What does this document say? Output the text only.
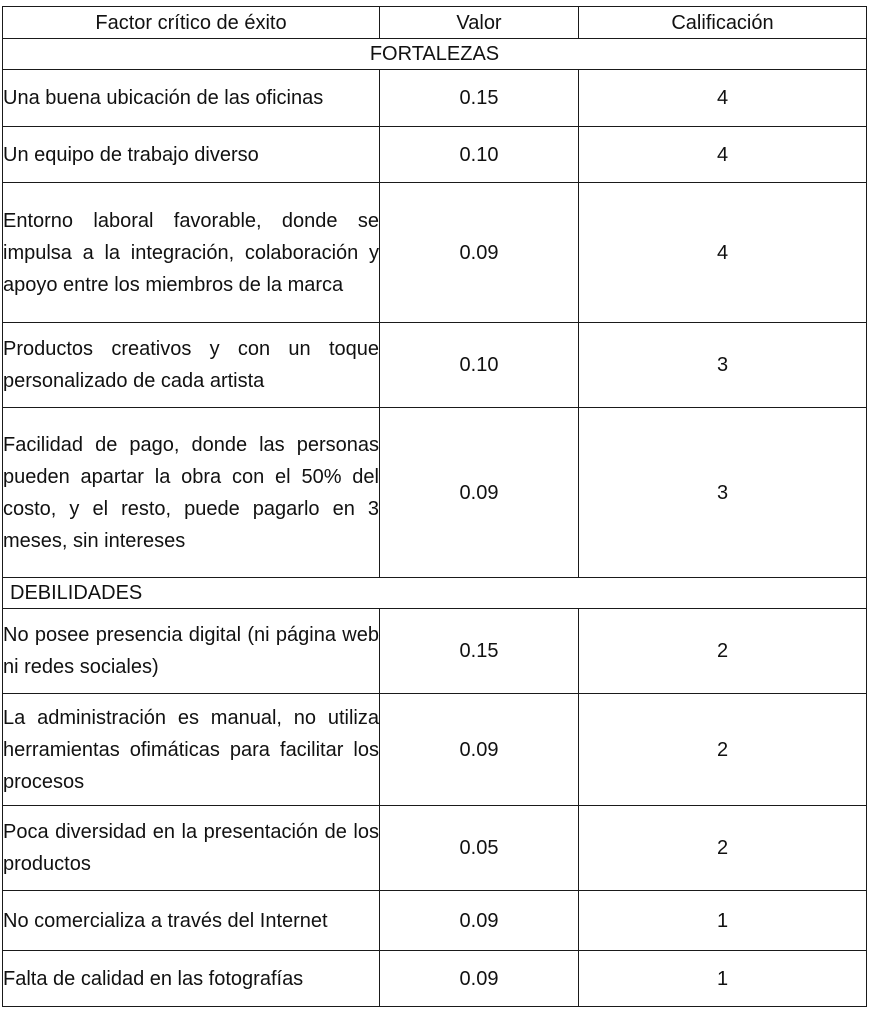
Factor crítico de éxito	Valor	Calificación
FORTALEZAS		
Una buena ubicación de las oficinas	0.15	4
Un equipo de trabajo diverso	0.10	4
Entorno laboral favorable, donde se impulsa a la integración, colaboración y apoyo entre los miembros de la marca	0.09	4
Productos creativos y con un toque personalizado de cada artista	0.10	3
Facilidad de pago, donde las personas pueden apartar la obra con el 50% del costo, y el resto, puede pagarlo en 3 meses, sin intereses	0.09	3
DEBILIDADES		
No posee presencia digital (ni página web ni redes sociales)	0.15	2
La administración es manual, no utiliza herramientas ofimáticas para facilitar los procesos	0.09	2
Poca diversidad en la presentación de los productos	0.05	2
No comercializa a través del Internet	0.09	1
Falta de calidad en las fotografías	0.09	1
